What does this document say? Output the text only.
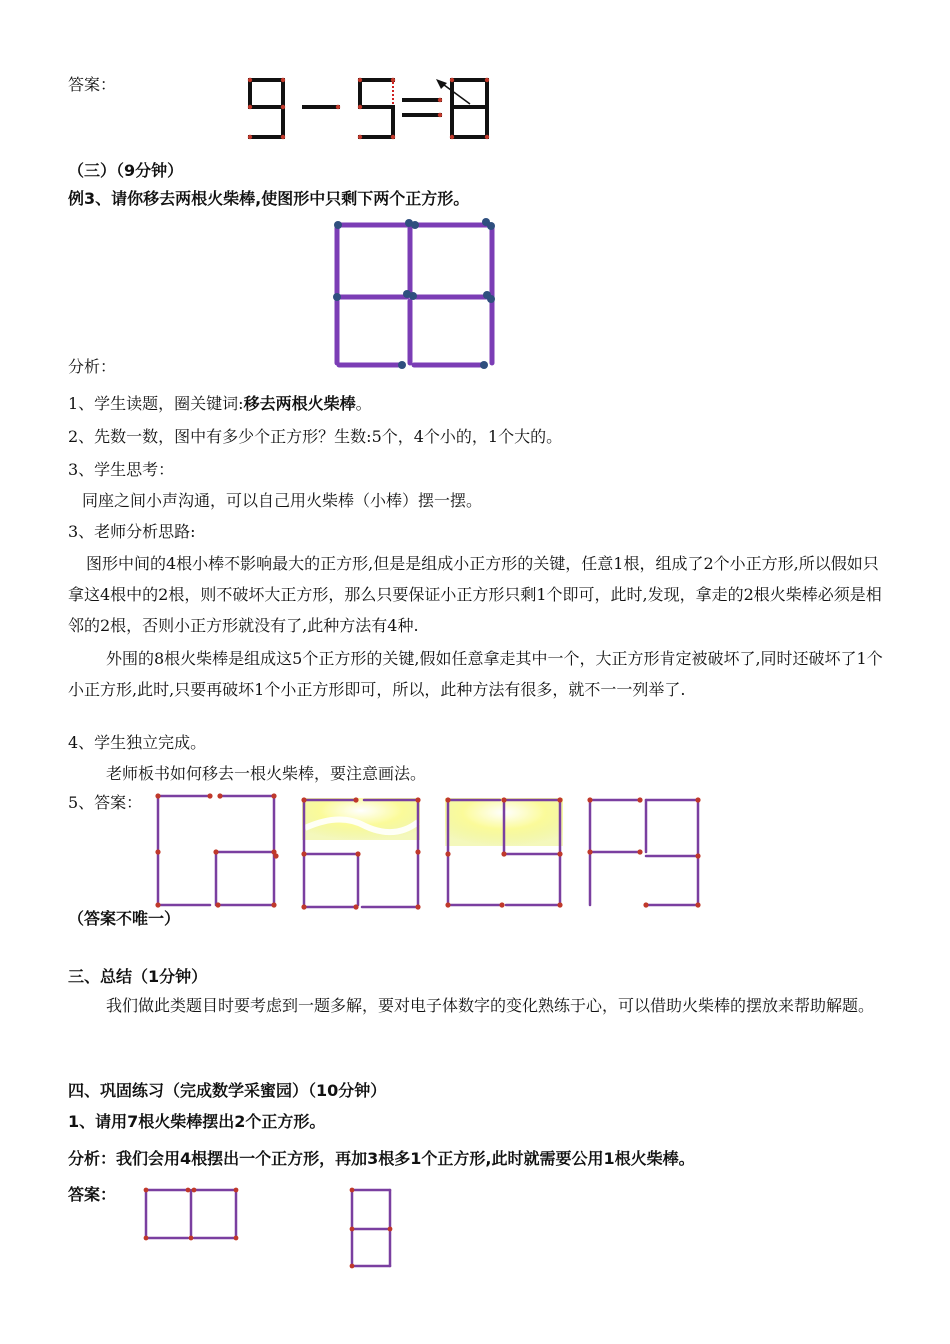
答案：
（三）（9分钟）
例3、请你移去两根火柴棒,使图形中只剩下两个正方形。
分析：
1、学生读题，圈关键词:移去两根火柴棒。
2、先数一数，图中有多少个正方形？生数:5个，4个小的，1个大的。
3、学生思考：
同座之间小声沟通，可以自己用火柴棒（小棒）摆一摆。
3、老师分析思路:
图形中间的4根小棒不影响最大的正方形,但是是组成小正方形的关键，任意1根，组成了2个小正方形,所以假如只拿这4根中的2根，则不破坏大正方形，那么只要保证小正方形只剩1个即可，此时,发现，拿走的2根火柴棒必须是相邻的2根，否则小正方形就没有了,此种方法有4种.
外围的8根火柴棒是组成这5个正方形的关键,假如任意拿走其中一个，大正方形肯定被破坏了,同时还破坏了1个小正方形,此时,只要再破坏1个小正方形即可，所以，此种方法有很多，就不一一列举了.
4、学生独立完成。
老师板书如何移去一根火柴棒，要注意画法。
5、答案：
（答案不唯一）
三、总结（1分钟）
我们做此类题目时要考虑到一题多解，要对电子体数字的变化熟练于心，可以借助火柴棒的摆放来帮助解题。
四、巩固练习（完成数学采蜜园）（10分钟）
1、请用7根火柴棒摆出2个正方形。
分析：我们会用4根摆出一个正方形，再加3根多1个正方形,此时就需要公用1根火柴棒。
答案：
